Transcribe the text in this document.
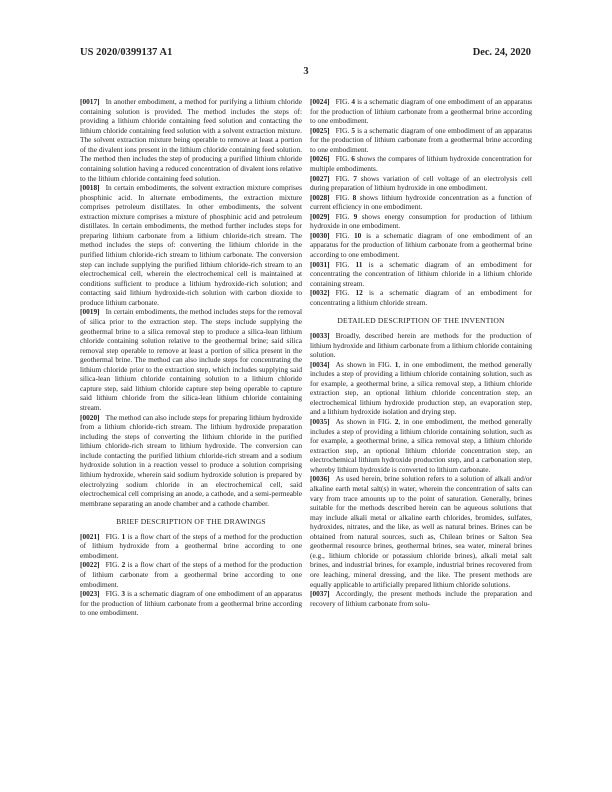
US 2020/0399137 A1	Dec. 24, 2020
3

[0017] In another embodiment, a method for purifying a lithium chloride containing solution is provided. The method includes the steps of: providing a lithium chloride containing feed solution and contacting the lithium chloride containing feed solution with a solvent extraction mixture. The solvent extraction mixture being operable to remove at least a portion of the divalent ions present in the lithium chloride containing feed solution. The method then includes the step of producing a purified lithium chloride containing solution having a reduced concentration of divalent ions relative to the lithium chloride containing feed solution.

[0018] In certain embodiments, the solvent extraction mixture comprises phosphinic acid. In alternate embodiments, the extraction mixture comprises petroleum distillates. In other embodiments, the solvent extraction mixture comprises a mixture of phosphinic acid and petroleum distillates. In certain embodiments, the method further includes steps for preparing lithium carbonate from a lithium chloride-rich stream. The method includes the steps of: converting the lithium chloride in the purified lithium chloride-rich stream to lithium carbonate. The conversion step can include supplying the purified lithium chloride-rich stream to an electrochemical cell, wherein the electrochemical cell is maintained at conditions sufficient to produce a lithium hydroxide-rich solution; and contacting said lithium hydroxide-rich solution with carbon dioxide to produce lithium carbonate.

[0019] In certain embodiments, the method includes steps for the removal of silica prior to the extraction step. The steps include supplying the geothermal brine to a silica removal step to produce a silica-lean lithium chloride containing solution relative to the geothermal brine; said silica removal step operable to remove at least a portion of silica present in the geothermal brine. The method can also include steps for concentrating the lithium chloride prior to the extraction step, which includes supplying said silica-lean lithium chloride containing solution to a lithium chloride capture step, said lithium chloride capture step being operable to capture said lithium chloride from the silica-lean lithium chloride containing stream.

[0020] The method can also include steps for preparing lithium hydroxide from a lithium chloride-rich stream. The lithium hydroxide preparation including the steps of converting the lithium chloride in the purified lithium chloride-rich stream to lithium hydroxide. The conversion can include contacting the purified lithium chloride-rich stream and a sodium hydroxide solution in a reaction vessel to produce a solution comprising lithium hydroxide, wherein said sodium hydroxide solution is prepared by electrolyzing sodium chloride in an electrochemical cell, said electrochemical cell comprising an anode, a cathode, and a semi-permeable membrane separating an anode chamber and a cathode chamber.

BRIEF DESCRIPTION OF THE DRAWINGS

[0021] FIG. 1 is a flow chart of the steps of a method for the production of lithium hydroxide from a geothermal brine according to one embodiment.

[0022] FIG. 2 is a flow chart of the steps of a method for the production of lithium carbonate from a geothermal brine according to one embodiment.

[0023] FIG. 3 is a schematic diagram of one embodiment of an apparatus for the production of lithium carbonate from a geothermal brine according to one embodiment.

[0024] FIG. 4 is a schematic diagram of one embodiment of an apparatus for the production of lithium carbonate from a geothermal brine according to one embodiment.

[0025] FIG. 5 is a schematic diagram of one embodiment of an apparatus for the production of lithium carbonate from a geothermal brine according to one embodiment.

[0026] FIG. 6 shows the compares of lithium hydroxide concentration for multiple embodiments.

[0027] FIG. 7 shows variation of cell voltage of an electrolysis cell during preparation of lithium hydroxide in one embodiment.

[0028] FIG. 8 shows lithium hydroxide concentration as a function of current efficiency in one embodiment.

[0029] FIG. 9 shows energy consumption for production of lithium hydroxide in one embodiment.

[0030] FIG. 10 is a schematic diagram of one embodiment of an apparatus for the production of lithium carbonate from a geothermal brine according to one embodiment.

[0031] FIG. 11 is a schematic diagram of an embodiment for concentrating the concentration of lithium chloride in a lithium chloride containing stream.

[0032] FIG. 12 is a schematic diagram of an embodiment for concentrating a lithium chloride stream.

DETAILED DESCRIPTION OF THE INVENTION

[0033] Broadly, described herein are methods for the production of lithium hydroxide and lithium carbonate from a lithium chloride containing solution.

[0034] As shown in FIG. 1, in one embodiment, the method generally includes a step of providing a lithium chloride containing solution, such as for example, a geothermal brine, a silica removal step, a lithium chloride extraction step, an optional lithium chloride concentration step, an electrochemical lithium hydroxide production step, an evaporation step, and a lithium hydroxide isolation and drying step.

[0035] As shown in FIG. 2, in one embodiment, the method generally includes a step of providing a lithium chloride containing solution, such as for example, a geothermal brine, a silica removal step, a lithium chloride extraction step, an optional lithium chloride concentration step, an electrochemical lithium hydroxide production step, and a carbonation step, whereby lithium hydroxide is converted to lithium carbonate.

[0036] As used herein, brine solution refers to a solution of alkali and/or alkaline earth metal salt(s) in water, wherein the concentration of salts can vary from trace amounts up to the point of saturation. Generally, brines suitable for the methods described herein can be aqueous solutions that may include alkali metal or alkaline earth chlorides, bromides, sulfates, hydroxides, nitrates, and the like, as well as natural brines. Brines can be obtained from natural sources, such as, Chilean brines or Salton Sea geothermal resource brines, geothermal brines, sea water, mineral brines (e.g., lithium chloride or potassium chloride brines), alkali metal salt brines, and industrial brines, for example, industrial brines recovered from ore leaching, mineral dressing, and the like. The present methods are equally applicable to artificially prepared lithium chloride solutions.

[0037] Accordingly, the present methods include the preparation and recovery of lithium carbonate from solu-
